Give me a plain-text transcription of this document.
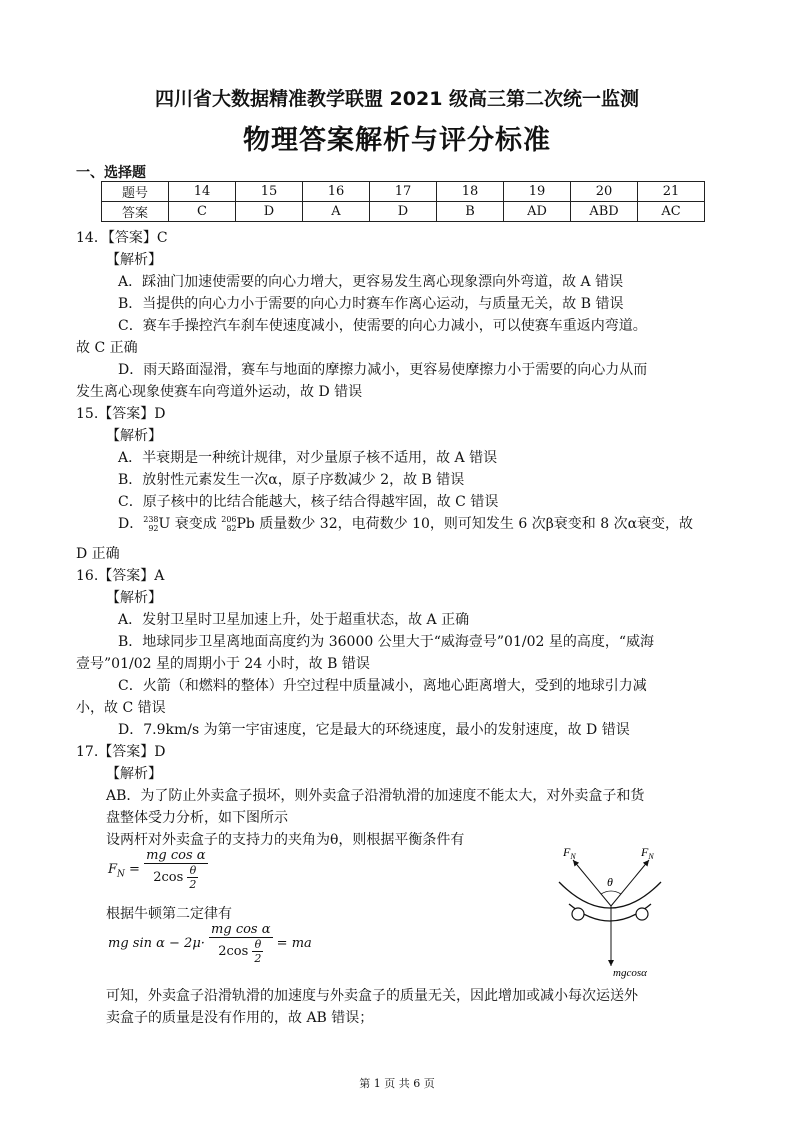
四川省大数据精准教学联盟 2021 级高三第二次统一监测
物理答案解析与评分标准
一、选择题
题号	14	15	16	17	18	19	20	21
答案	C	D	A	D	B	AD	ABD	AC
14．【答案】C
【解析】
A．踩油门加速使需要的向心力增大，更容易发生离心现象漂向外弯道，故 A 错误
B．当提供的向心力小于需要的向心力时赛车作离心运动，与质量无关，故 B 错误
C．赛车手操控汽车刹车使速度减小，使需要的向心力减小，可以使赛车重返内弯道。
故 C 正确
D．雨天路面湿滑，赛车与地面的摩擦力减小，更容易使摩擦力小于需要的向心力从而
发生离心现象使赛车向弯道外运动，故 D 错误
15.【答案】D
【解析】
A．半衰期是一种统计规律，对少量原子核不适用，故 A 错误
B．放射性元素发生一次α，原子序数减少 2，故 B 错误
C．原子核中的比结合能越大，核子结合得越牢固，故 C 错误
D． 238
92 U 衰变成 206
82 Pb 质量数少 32，电荷数少 10，则可知发生 6 次β衰变和 8 次α衰变，故
D 正确
16.【答案】A
【解析】
A．发射卫星时卫星加速上升，处于超重状态，故 A 正确
B．地球同步卫星离地面高度约为 36000 公里大于“威海壹号”01/02 星的高度，“威海
壹号”01/02 星的周期小于 24 小时，故 B 错误
C．火箭（和燃料的整体）升空过程中质量减小，离地心距离增大，受到的地球引力减
小，故 C 错误
D．7.9km/s 为第一宇宙速度，它是最大的环绕速度，最小的发射速度，故 D 错误
17.【答案】D
【解析】
AB．为了防止外卖盒子损坏，则外卖盒子沿滑轨滑的加速度不能太大，对外卖盒子和货
盘整体受力分析，如下图所示
设两杆对外卖盒子的支持力的夹角为θ，则根据平衡条件有
$F_N = \frac{\text{mg cos α}}{2\cos \frac{\theta}{2}}$
根据牛顿第二定律有
mg $\sin \alpha - 2\mu\cdot \frac{\text{mg cos α}}{2\cos \frac{\theta}{2}}$ = ma
可知，外卖盒子沿滑轨滑的加速度与外卖盒子的质量无关，因此增加或减小每次运送外
卖盒子的质量是没有作用的，故 AB 错误；
$F_N$	$F_N$
θ
mgcosα
第 1 页 共 6 页
